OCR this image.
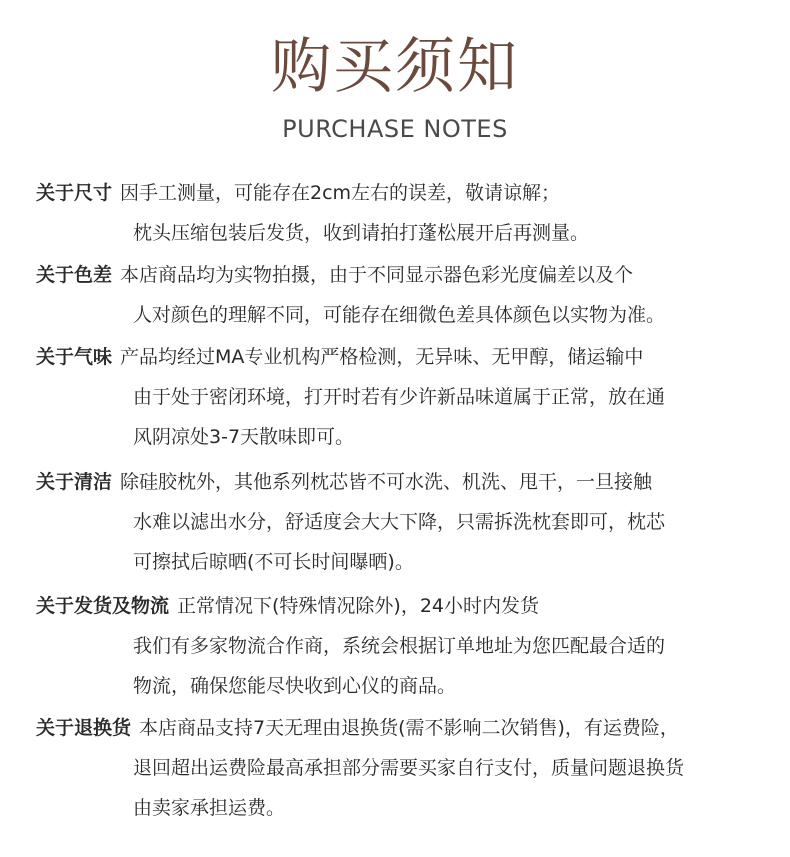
购买须知
PURCHASE NOTES
关于尺寸 因手工测量，可能存在2cm左右的误差，敬请谅解；
枕头压缩包装后发货，收到请拍打蓬松展开后再测量。
关于色差 本店商品均为实物拍摄，由于不同显示器色彩光度偏差以及个
人对颜色的理解不同，可能存在细微色差具体颜色以实物为准。
关于气味 产品均经过MA专业机构严格检测，无异味、无甲醇，储运输中
由于处于密闭环境，打开时若有少许新品味道属于正常，放在通
风阴凉处3-7天散味即可。
关于清洁 除硅胶枕外，其他系列枕芯皆不可水洗、机洗、甩干，一旦接触
水难以滤出水分，舒适度会大大下降，只需拆洗枕套即可，枕芯
可擦拭后晾晒(不可长时间曝晒)。
关于发货及物流 正常情况下(特殊情况除外)，24小时内发货
我们有多家物流合作商，系统会根据订单地址为您匹配最合适的
物流，确保您能尽快收到心仪的商品。
关于退换货 本店商品支持7天无理由退换货(需不影响二次销售)，有运费险，
退回超出运费险最高承担部分需要买家自行支付，质量问题退换货
由卖家承担运费。
